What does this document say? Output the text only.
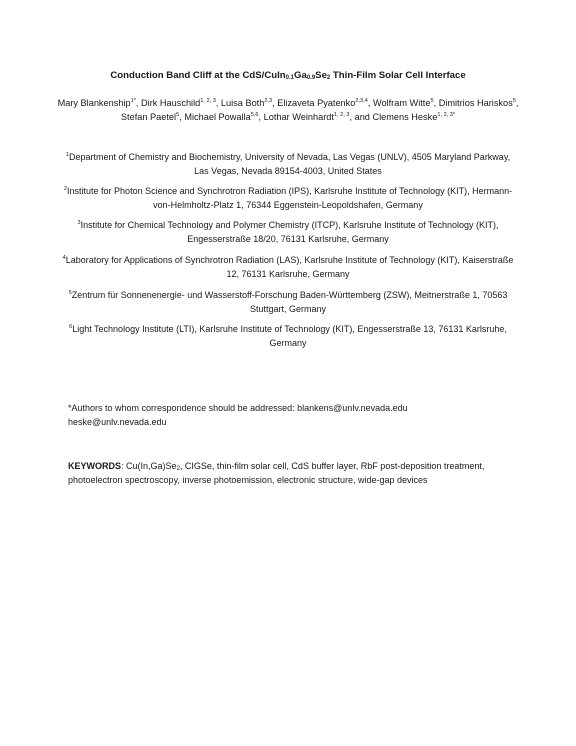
Conduction Band Cliff at the CdS/$CuIn_{0.1}Ga_{0.9}Se_2$ Thin-Film Solar Cell Interface
Mary Blankenship$^{1*}$, Dirk Hauschild$^{1, 2, 3}$, Luisa Both$^{2,3}$, Elizaveta Pyatenko$^{2,3,4}$, Wolfram Witte$^5$, Dimitrios Hariskos$^5$, Stefan Paetel$^5$, Michael Powalla$^{5,6}$, Lothar Weinhardt$^{1, 2, 3}$, and Clemens Heske$^{1, 2, 3*}$
$^1$Department of Chemistry and Biochemistry, University of Nevada, Las Vegas (UNLV), 4505 Maryland Parkway, Las Vegas, Nevada 89154-4003, United States
$^2$Institute for Photon Science and Synchrotron Radiation (IPS), Karlsruhe Institute of Technology (KIT), Hermann-von-Helmholtz-Platz 1, 76344 Eggenstein-Leopoldshafen, Germany
$^3$Institute for Chemical Technology and Polymer Chemistry (ITCP), Karlsruhe Institute of Technology (KIT), Engesserstraße 18/20, 76131 Karlsruhe, Germany
$^4$Laboratory for Applications of Synchrotron Radiation (LAS), Karlsruhe Institute of Technology (KIT), Kaiserstraße 12, 76131 Karlsruhe, Germany
$^5$Zentrum für Sonnenenergie- und Wasserstoff-Forschung Baden-Württemberg (ZSW), Meitnerstraße 1, 70563 Stuttgart, Germany
$^6$Light Technology Institute (LTI), Karlsruhe Institute of Technology (KIT), Engesserstraße 13, 76131 Karlsruhe, Germany
*Authors to whom correspondence should be addressed: blankens@unlv.nevada.edu
heske@unlv.nevada.edu
KEYWORDS: $Cu(In,Ga)Se_2$, CIGSe, thin-film solar cell, CdS buffer layer, RbF post-deposition treatment, photoelectron spectroscopy, inverse photoemission, electronic structure, wide-gap devices
